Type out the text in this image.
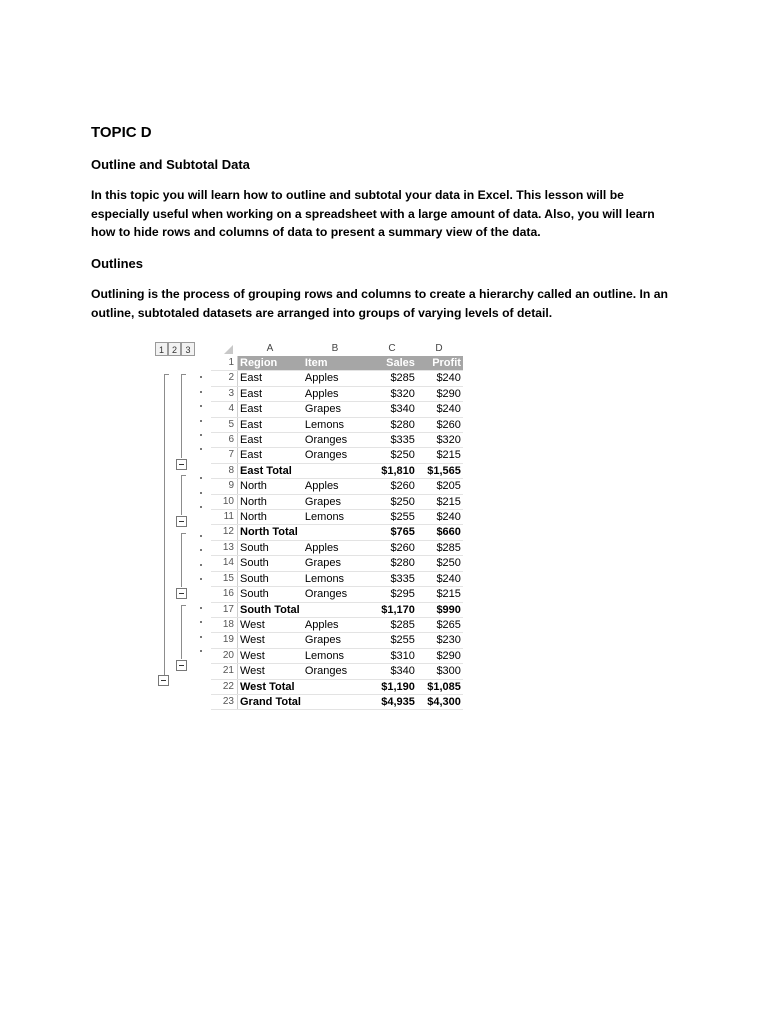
TOPIC D
Outline and Subtotal Data

In this topic you will learn how to outline and subtotal your data in Excel. This lesson will be especially useful when working on a spreadsheet with a large amount of data. Also, you will learn how to hide rows and columns of data to present a summary view of the data.

Outlines

Outlining is the process of grouping rows and columns to create a hierarchy called an outline. In an outline, subtotaled datasets are arranged into groups of varying levels of detail.

1 2 3	A	B	C	D
1	Region	Item	Sales	Profit
2	East	Apples	$285	$240
3	East	Apples	$320	$290
4	East	Grapes	$340	$240
5	East	Lemons	$280	$260
6	East	Oranges	$335	$320
7	East	Oranges	$250	$215
8	East Total		$1,810	$1,565
9	North	Apples	$260	$205
10	North	Grapes	$250	$215
11	North	Lemons	$255	$240
12	North Total		$765	$660
13	South	Apples	$260	$285
14	South	Grapes	$280	$250
15	South	Lemons	$335	$240
16	South	Oranges	$295	$215
17	South Total		$1,170	$990
18	West	Apples	$285	$265
19	West	Grapes	$255	$230
20	West	Lemons	$310	$290
21	West	Oranges	$340	$300
22	West Total		$1,190	$1,085
23	Grand Total		$4,935	$4,300
